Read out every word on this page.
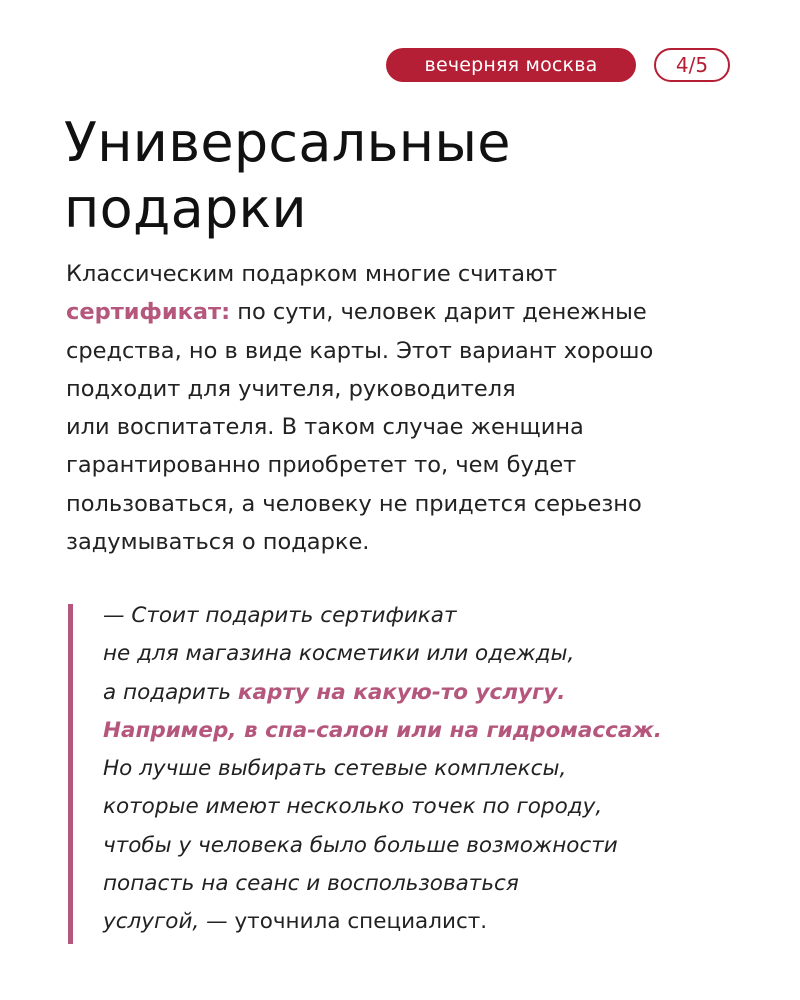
вечерняя москва	4/5
Универсальные
подарки
Классическим подарком многие считают
сертификат: по сути, человек дарит денежные
средства, но в виде карты. Этот вариант хорошо
подходит для учителя, руководителя
или воспитателя. В таком случае женщина
гарантированно приобретет то, чем будет
пользоваться, а человеку не придется серьезно
задумываться о подарке.
— Стоит подарить сертификат
не для магазина косметики или одежды,
а подарить карту на какую-то услугу.
Например, в спа-салон или на гидромассаж.
Но лучше выбирать сетевые комплексы,
которые имеют несколько точек по городу,
чтобы у человека было больше возможности
попасть на сеанс и воспользоваться
услугой, — уточнила специалист.
